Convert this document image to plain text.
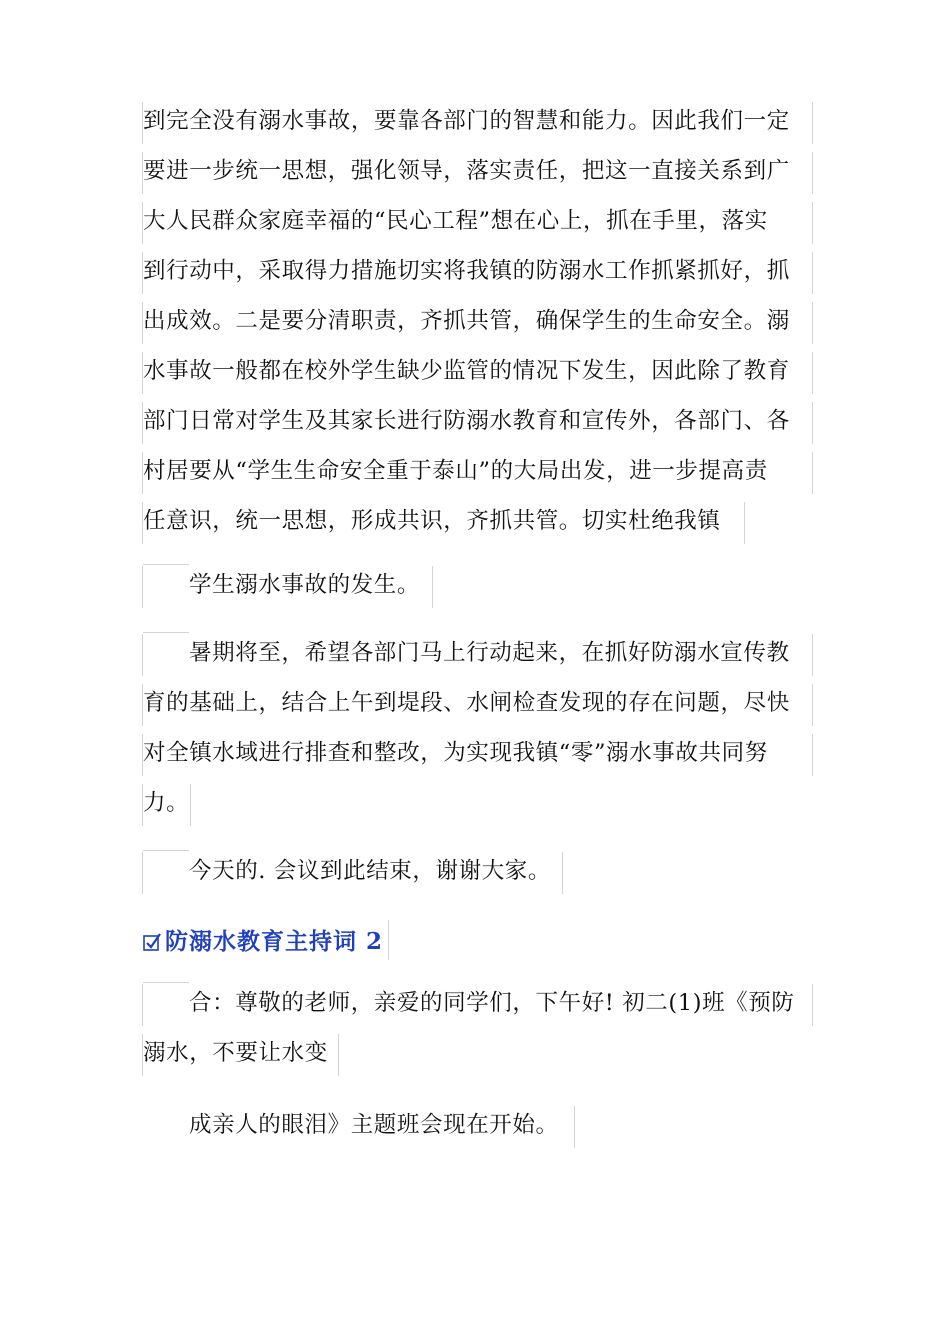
到完全没有溺水事故，要靠各部门的智慧和能力。因此我们一定
要进一步统一思想，强化领导，落实责任，把这一直接关系到广
大人民群众家庭幸福的“民心工程”想在心上，抓在手里，落实
到行动中，采取得力措施切实将我镇的防溺水工作抓紧抓好，抓
出成效。二是要分清职责，齐抓共管，确保学生的生命安全。溺
水事故一般都在校外学生缺少监管的情况下发生，因此除了教育
部门日常对学生及其家长进行防溺水教育和宣传外，各部门、各
村居要从“学生生命安全重于泰山”的大局出发，进一步提高责
任意识，统一思想，形成共识，齐抓共管。切实杜绝我镇
学生溺水事故的发生。
暑期将至，希望各部门马上行动起来，在抓好防溺水宣传教
育的基础上，结合上午到堤段、水闸检查发现的存在问题，尽快
对全镇水域进行排查和整改，为实现我镇“零”溺水事故共同努
力。
今天的. 会议到此结束，谢谢大家。
防溺水教育主持词 2
合：尊敬的老师，亲爱的同学们，下午好! 初二(1)班《预防
溺水，不要让水变
成亲人的眼泪》主题班会现在开始。
